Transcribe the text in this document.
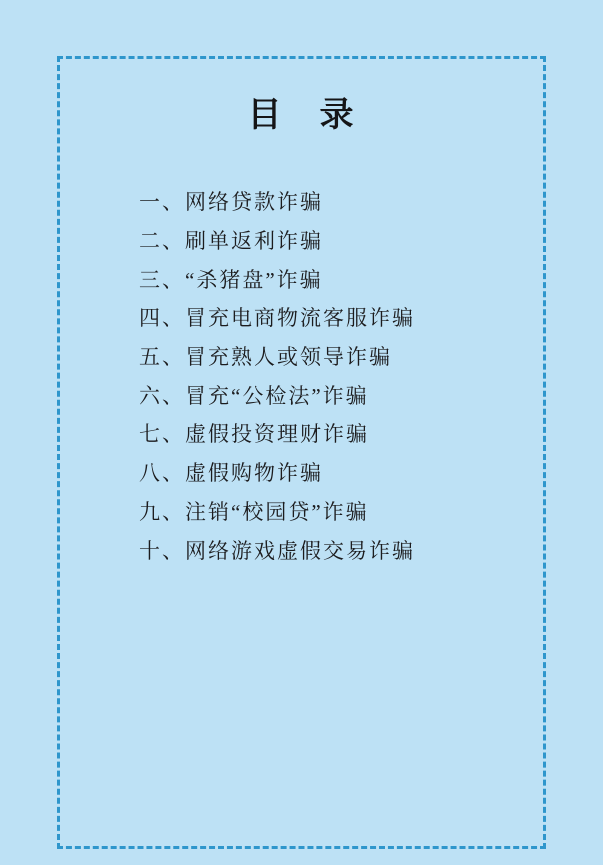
目　录
一、网络贷款诈骗
二、刷单返利诈骗
三、“杀猪盘”诈骗
四、冒充电商物流客服诈骗
五、冒充熟人或领导诈骗
六、冒充“公检法”诈骗
七、虚假投资理财诈骗
八、虚假购物诈骗
九、注销“校园贷”诈骗
十、网络游戏虚假交易诈骗
